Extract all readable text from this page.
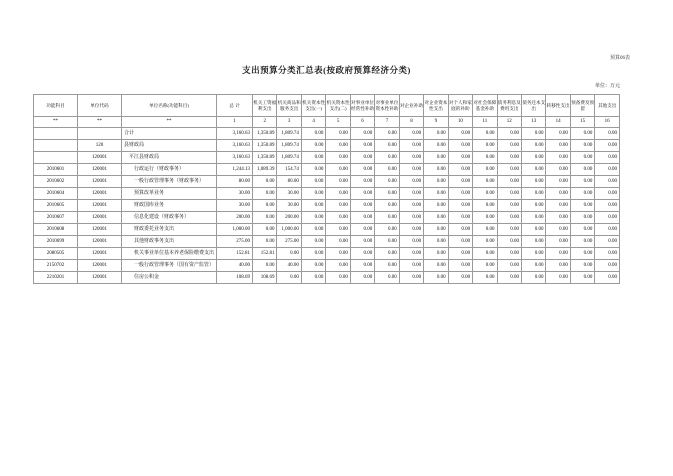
预算06表
支出预算分类汇总表(按政府预算经济分类)
单位：万元
功能科目	单位代码	单位名称(功能科目)	总 计	机关工资福利支出	机关商品和服务支出	机关资本性支出(一)	机关资本性支出(二)	对事业单位经常性补助	对事业单位资本性补助	对企业补助	对企业资本性支出	对个人和家庭的补助	对社会保障基金补助	债务利息及费用支出	债务还本支出	转移性支出	预备费及预留	其他支出
**	**	**	1	2	3	4	5	6	7	8	9	10	11	12	13	14	15	16
		合计	3,160.63	1,350.89	1,809.74	0.00	0.00	0.00	0.00	0.00	0.00	0.00	0.00	0.00	0.00	0.00	0.00	0.00
	120	县财政局	3,160.63	1,350.89	1,809.74	0.00	0.00	0.00	0.00	0.00	0.00	0.00	0.00	0.00	0.00	0.00	0.00	0.00
	120001	平江县财政局	3,160.63	1,350.89	1,809.74	0.00	0.00	0.00	0.00	0.00	0.00	0.00	0.00	0.00	0.00	0.00	0.00	0.00
2010601	120001	行政运行（财政事务）	1,244.13	1,089.39	154.74	0.00	0.00	0.00	0.00	0.00	0.00	0.00	0.00	0.00	0.00	0.00	0.00	0.00
2010602	120001	一般行政管理事务（财政事务）	80.00	0.00	80.00	0.00	0.00	0.00	0.00	0.00	0.00	0.00	0.00	0.00	0.00	0.00	0.00	0.00
2010604	120001	预算改革业务	30.00	0.00	30.00	0.00	0.00	0.00	0.00	0.00	0.00	0.00	0.00	0.00	0.00	0.00	0.00	0.00
2010605	120001	财政国库业务	30.00	0.00	30.00	0.00	0.00	0.00	0.00	0.00	0.00	0.00	0.00	0.00	0.00	0.00	0.00	0.00
2010607	120001	信息化建设（财政事务）	200.00	0.00	200.00	0.00	0.00	0.00	0.00	0.00	0.00	0.00	0.00	0.00	0.00	0.00	0.00	0.00
2010608	120001	财政委托业务支出	1,000.00	0.00	1,000.00	0.00	0.00	0.00	0.00	0.00	0.00	0.00	0.00	0.00	0.00	0.00	0.00	0.00
2010699	120001	其他财政事务支出	275.00	0.00	275.00	0.00	0.00	0.00	0.00	0.00	0.00	0.00	0.00	0.00	0.00	0.00	0.00	0.00
2080505	120001	机关事业单位基本养老保险缴费支出	152.81	152.81	0.00	0.00	0.00	0.00	0.00	0.00	0.00	0.00	0.00	0.00	0.00	0.00	0.00	0.00
2150702	120001	一般行政管理事务（国有资产监管）	40.00	0.00	40.00	0.00	0.00	0.00	0.00	0.00	0.00	0.00	0.00	0.00	0.00	0.00	0.00	0.00
2210201	120001	住房公积金	108.69	108.69	0.00	0.00	0.00	0.00	0.00	0.00	0.00	0.00	0.00	0.00	0.00	0.00	0.00	0.00
